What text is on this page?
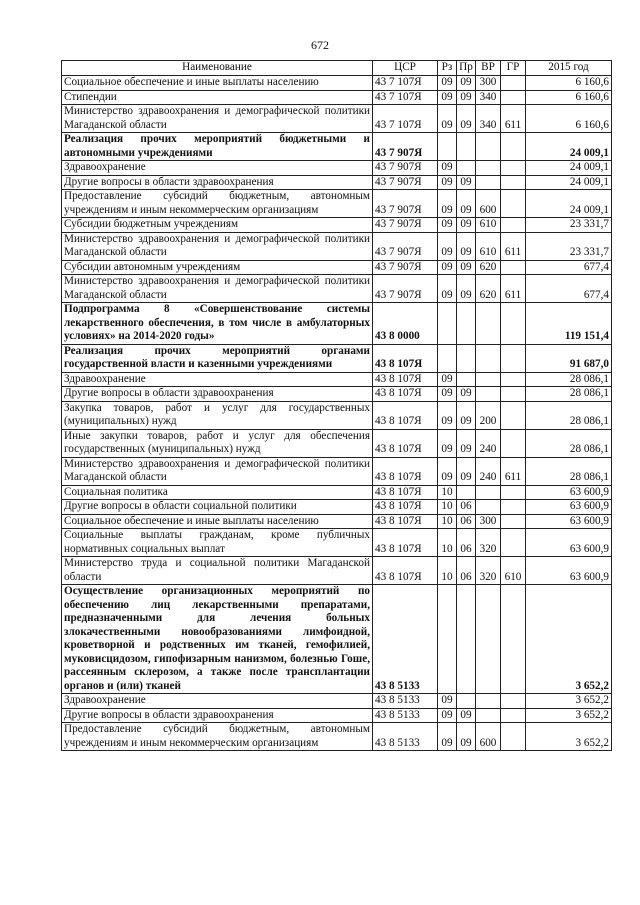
672
Наименование	ЦСР	Рз	Пр	ВР	ГР	2015 год
Социальное обеспечение и иные выплаты населению	43 7 107Я	09	09	300		6 160,6
Стипендии	43 7 107Я	09	09	340		6 160,6
Министерство здравоохранения и демографической политики Магаданской области	43 7 107Я	09	09	340	611	6 160,6
Реализация прочих мероприятий бюджетными и автономными учреждениями	43 7 907Я					24 009,1
Здравоохранение	43 7 907Я	09				24 009,1
Другие вопросы в области здравоохранения	43 7 907Я	09	09			24 009,1
Предоставление субсидий бюджетным, автономным учреждениям и иным некоммерческим организациям	43 7 907Я	09	09	600		24 009,1
Субсидии бюджетным учреждениям	43 7 907Я	09	09	610		23 331,7
Министерство здравоохранения и демографической политики Магаданской области	43 7 907Я	09	09	610	611	23 331,7
Субсидии автономным учреждениям	43 7 907Я	09	09	620		677,4
Министерство здравоохранения и демографической политики Магаданской области	43 7 907Я	09	09	620	611	677,4
Подпрограмма 8 «Совершенствование системы лекарственного обеспечения, в том числе в амбулаторных условиях» на 2014-2020 годы»	43 8 0000					119 151,4
Реализация прочих мероприятий органами государственной власти и казенными учреждениями	43 8 107Я					91 687,0
Здравоохранение	43 8 107Я	09				28 086,1
Другие вопросы в области здравоохранения	43 8 107Я	09	09			28 086,1
Закупка товаров, работ и услуг для государственных (муниципальных) нужд	43 8 107Я	09	09	200		28 086,1
Иные закупки товаров, работ и услуг для обеспечения государственных (муниципальных) нужд	43 8 107Я	09	09	240		28 086,1
Министерство здравоохранения и демографической политики Магаданской области	43 8 107Я	09	09	240	611	28 086,1
Социальная политика	43 8 107Я	10				63 600,9
Другие вопросы в области социальной политики	43 8 107Я	10	06			63 600,9
Социальное обеспечение и иные выплаты населению	43 8 107Я	10	06	300		63 600,9
Социальные выплаты гражданам, кроме публичных нормативных социальных выплат	43 8 107Я	10	06	320		63 600,9
Министерство труда и социальной политики Магаданской области	43 8 107Я	10	06	320	610	63 600,9
Осуществление организационных мероприятий по обеспечению лиц лекарственными препаратами, предназначенными для лечения больных злокачественными новообразованиями лимфоидной, кроветворной и родственных им тканей, гемофилией, муковисцидозом, гипофизарным нанизмом, болезнью Гоше, рассеянным склерозом, а также после трансплантации органов и (или) тканей	43 8 5133					3 652,2
Здравоохранение	43 8 5133	09				3 652,2
Другие вопросы в области здравоохранения	43 8 5133	09	09			3 652,2
Предоставление субсидий бюджетным, автономным учреждениям и иным некоммерческим организациям	43 8 5133	09	09	600		3 652,2
